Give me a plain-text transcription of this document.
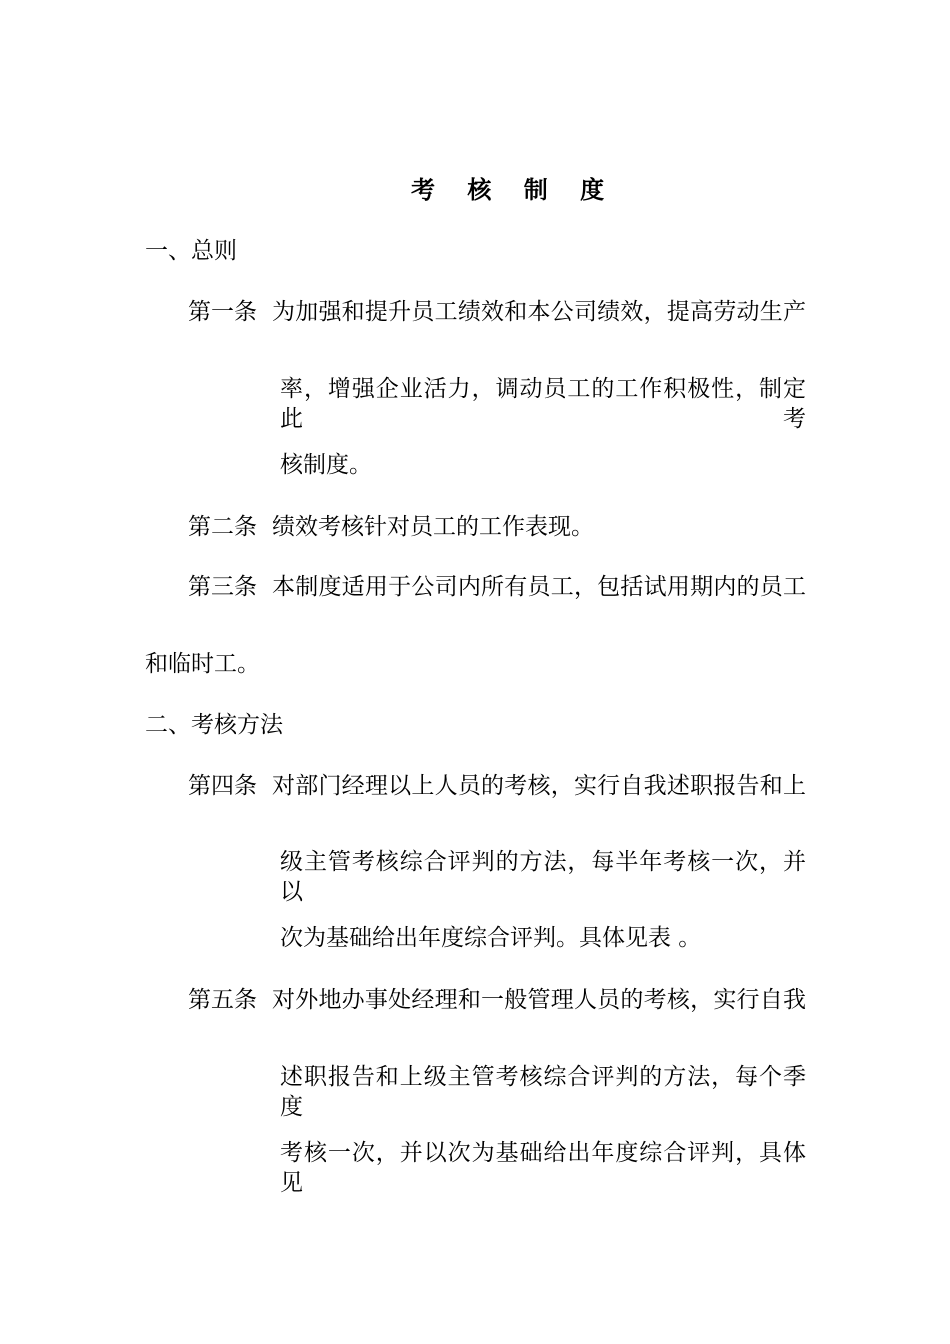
考 核 制 度
一、总则
第一条 为加强和提升员工绩效和本公司绩效，提高劳动生产
率，增强企业活力，调动员工的工作积极性，制定此考
核制度。
第二条 绩效考核针对员工的工作表现。
第三条 本制度适用于公司内所有员工，包括试用期内的员工
和临时工。
二、考核方法
第四条 对部门经理以上人员的考核，实行自我述职报告和上
级主管考核综合评判的方法，每半年考核一次，并以
次为基础给出年度综合评判。具体见表 。
第五条 对外地办事处经理和一般管理人员的考核，实行自我
述职报告和上级主管考核综合评判的方法，每个季度
考核一次，并以次为基础给出年度综合评判，具体见
